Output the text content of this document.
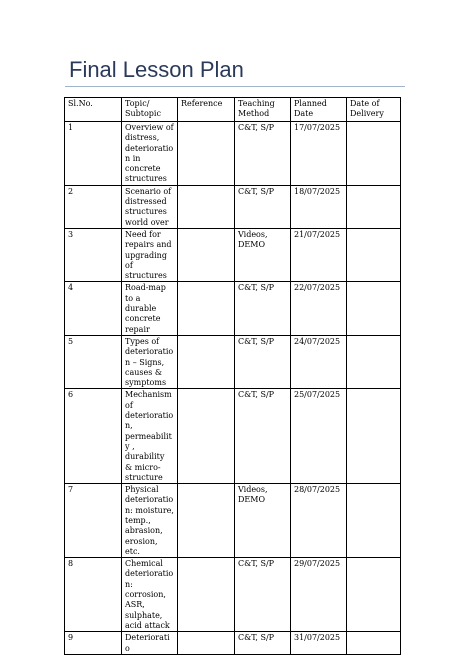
Final Lesson Plan
Sl.No.	Topic/ Subtopic	Reference	Teaching Method	Planned Date	Date of Delivery
1	Overview of distress, deterioratio n in concrete structures		C&T, S/P	17/07/2025	
2	Scenario of distressed structures world over		C&T, S/P	18/07/2025	
3	Need for repairs and upgrading of structures		Videos, DEMO	21/07/2025	
4	Road-map to a durable concrete repair		C&T, S/P	22/07/2025	
5	Types of deterioratio n – Signs, causes & symptoms		C&T, S/P	24/07/2025	
6	Mechanism of deterioratio n, permeability , durability & micro-structure		C&T, S/P	25/07/2025	
7	Physical deterioratio n: moisture, temp., abrasion, erosion, etc.		Videos, DEMO	28/07/2025	
8	Chemical deterioratio n: corrosion, ASR, sulphate, acid attack		C&T, S/P	29/07/2025	
9	Deterioratio		C&T, S/P	31/07/2025	
